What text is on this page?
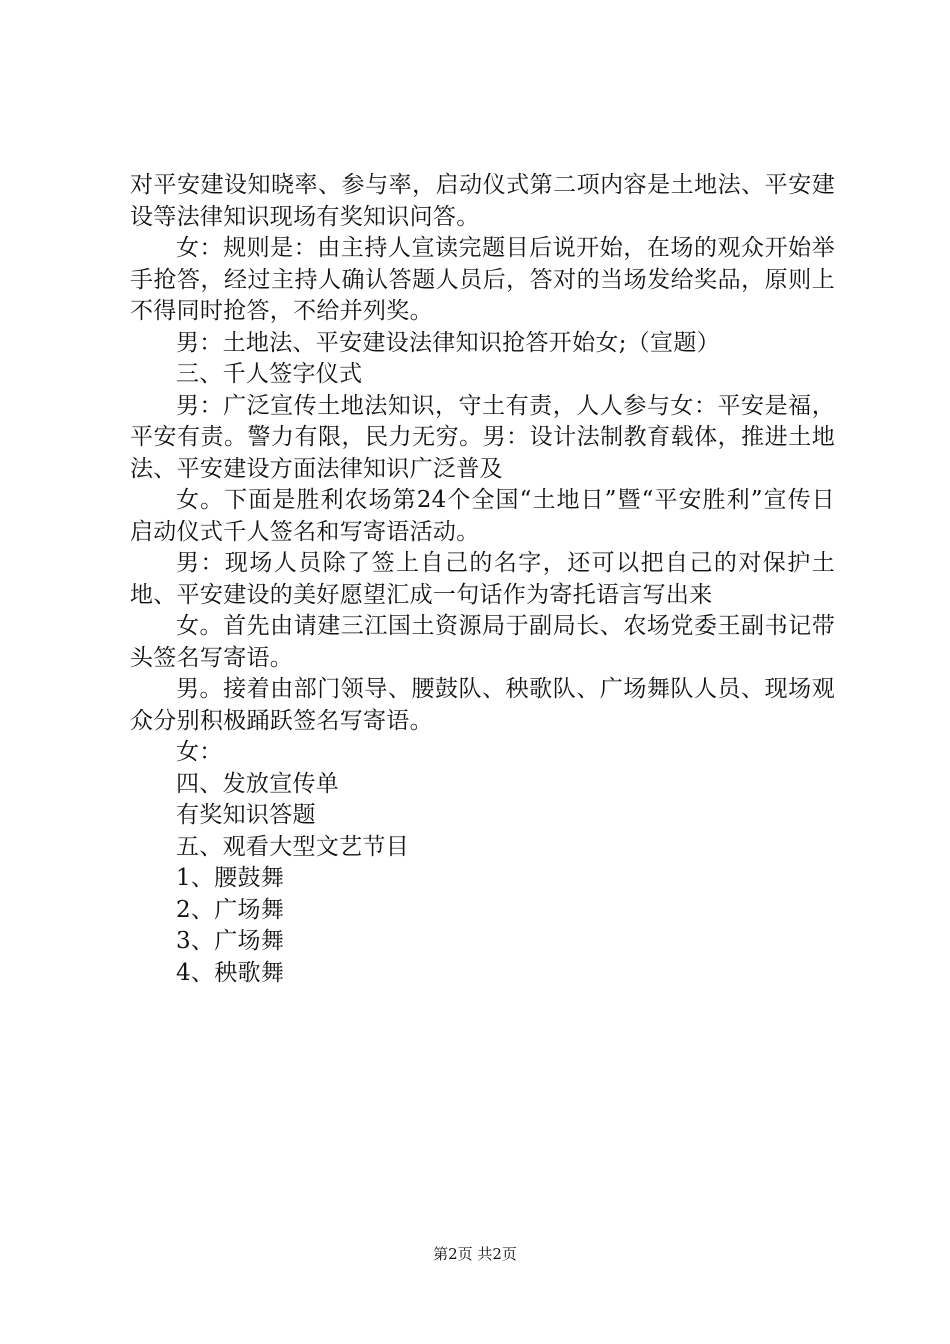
对平安建设知晓率、参与率，启动仪式第二项内容是土地法、平安建设等法律知识现场有奖知识问答。

女：规则是：由主持人宣读完题目后说开始，在场的观众开始举手抢答，经过主持人确认答题人员后，答对的当场发给奖品，原则上不得同时抢答，不给并列奖。

男：土地法、平安建设法律知识抢答开始女;（宣题）

三、千人签字仪式

男：广泛宣传土地法知识，守土有责，人人参与女：平安是福，平安有责。警力有限，民力无穷。男：设计法制教育载体，推进土地法、平安建设方面法律知识广泛普及

女。下面是胜利农场第24个全国“土地日”暨“平安胜利”宣传日启动仪式千人签名和写寄语活动。

男：现场人员除了签上自己的名字，还可以把自己的对保护土地、平安建设的美好愿望汇成一句话作为寄托语言写出来

女。首先由请建三江国土资源局于副局长、农场党委王副书记带头签名写寄语。

男。接着由部门领导、腰鼓队、秧歌队、广场舞队人员、现场观众分别积极踊跃签名写寄语。

女：

四、发放宣传单

有奖知识答题

五、观看大型文艺节目

1、腰鼓舞

2、广场舞

3、广场舞

4、秧歌舞

第2页 共2页
